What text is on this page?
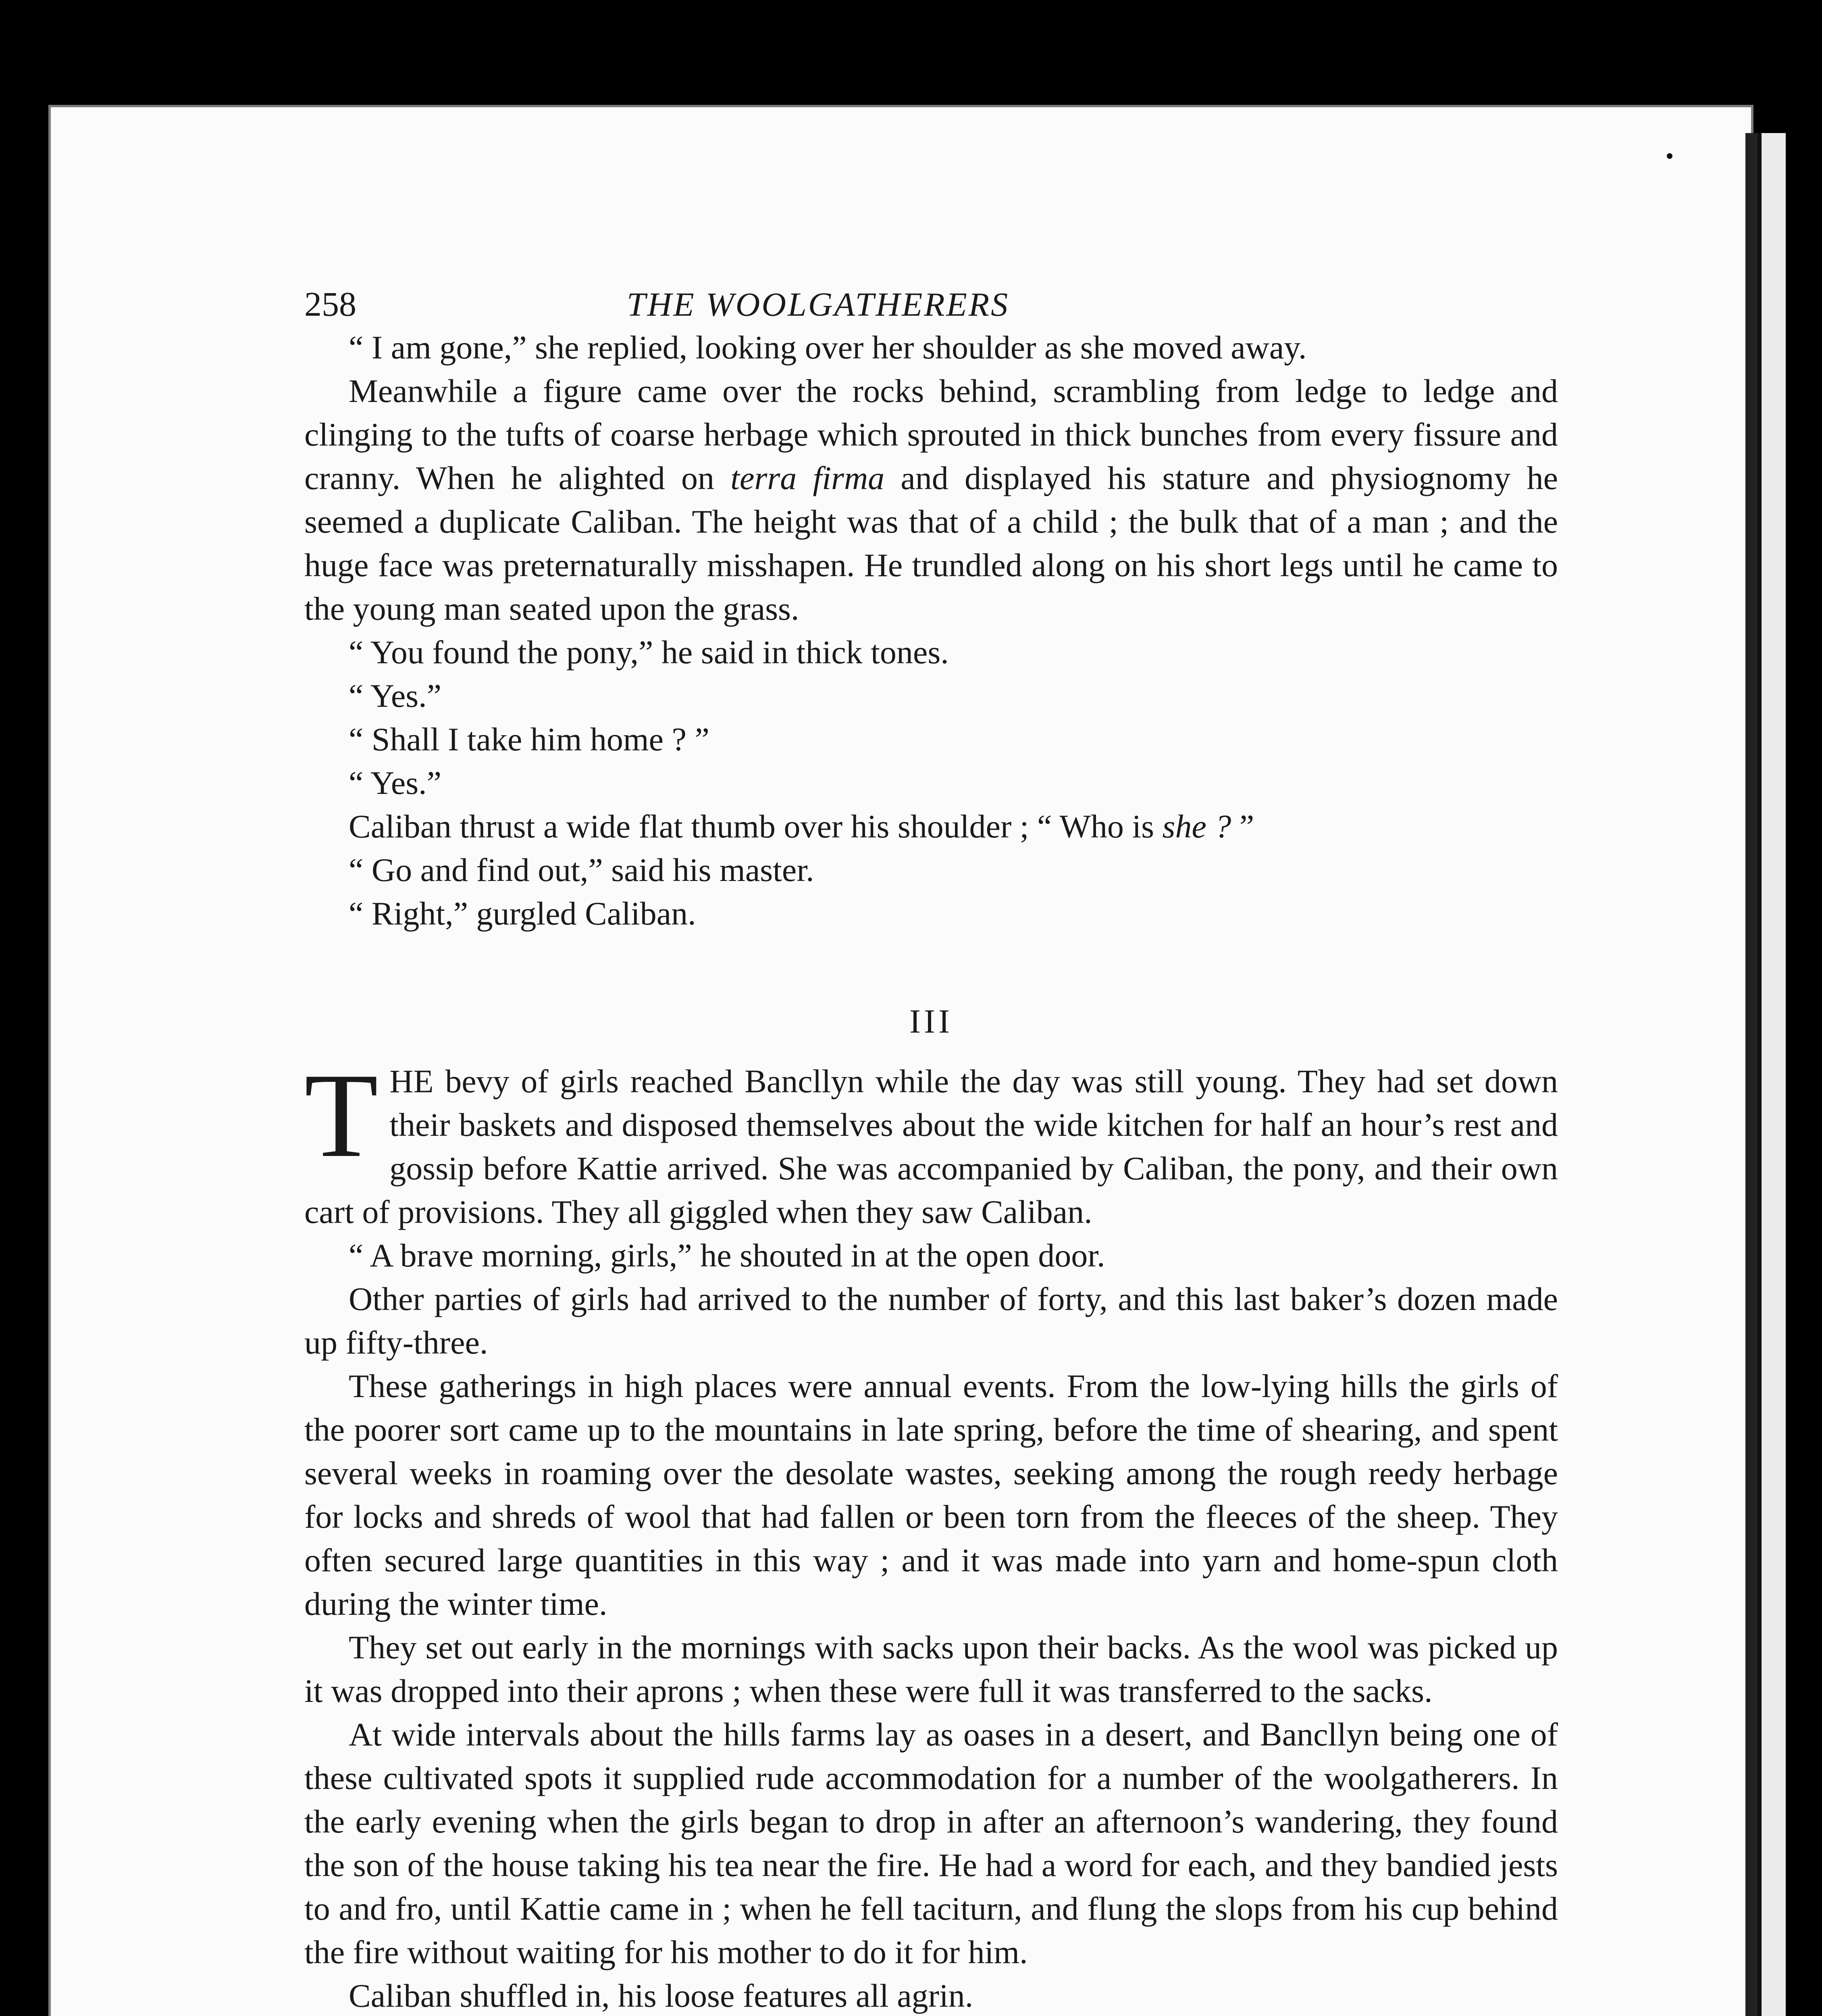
258	THE WOOLGATHERERS

“ I am gone,” she replied, looking over her shoulder as she moved away.

Meanwhile a figure came over the rocks behind, scrambling from ledge to ledge and clinging to the tufts of coarse herbage which sprouted in thick bunches from every fissure and cranny. When he alighted on terra firma and displayed his stature and physiognomy he seemed a duplicate Caliban. The height was that of a child ; the bulk that of a man ; and the huge face was preternaturally misshapen. He trundled along on his short legs until he came to the young man seated upon the grass.

“ You found the pony,” he said in thick tones.

“ Yes.”

“ Shall I take him home ? ”

“ Yes.”

Caliban thrust a wide flat thumb over his shoulder ; “ Who is she ? ”

“ Go and find out,” said his master.

“ Right,” gurgled Caliban.

III

THE bevy of girls reached Bancllyn while the day was still young. They had set down their baskets and disposed themselves about the wide kitchen for half an hour’s rest and gossip before Kattie arrived. She was accompanied by Caliban, the pony, and their own cart of provisions. They all giggled when they saw Caliban.

“ A brave morning, girls,” he shouted in at the open door.

Other parties of girls had arrived to the number of forty, and this last baker’s dozen made up fifty-three.

These gatherings in high places were annual events. From the low-lying hills the girls of the poorer sort came up to the mountains in late spring, before the time of shearing, and spent several weeks in roaming over the desolate wastes, seeking among the rough reedy herbage for locks and shreds of wool that had fallen or been torn from the fleeces of the sheep. They often secured large quantities in this way ; and it was made into yarn and home-spun cloth during the winter time.

They set out early in the mornings with sacks upon their backs. As the wool was picked up it was dropped into their aprons ; when these were full it was transferred to the sacks.

At wide intervals about the hills farms lay as oases in a desert, and Bancllyn being one of these cultivated spots it supplied rude accommodation for a number of the woolgatherers. In the early evening when the girls began to drop in after an afternoon’s wandering, they found the son of the house taking his tea near the fire. He had a word for each, and they bandied jests to and fro, until Kattie came in ; when he fell taciturn, and flung the slops from his cup behind the fire without waiting for his mother to do it for him.

Caliban shuffled in, his loose features all agrin.
